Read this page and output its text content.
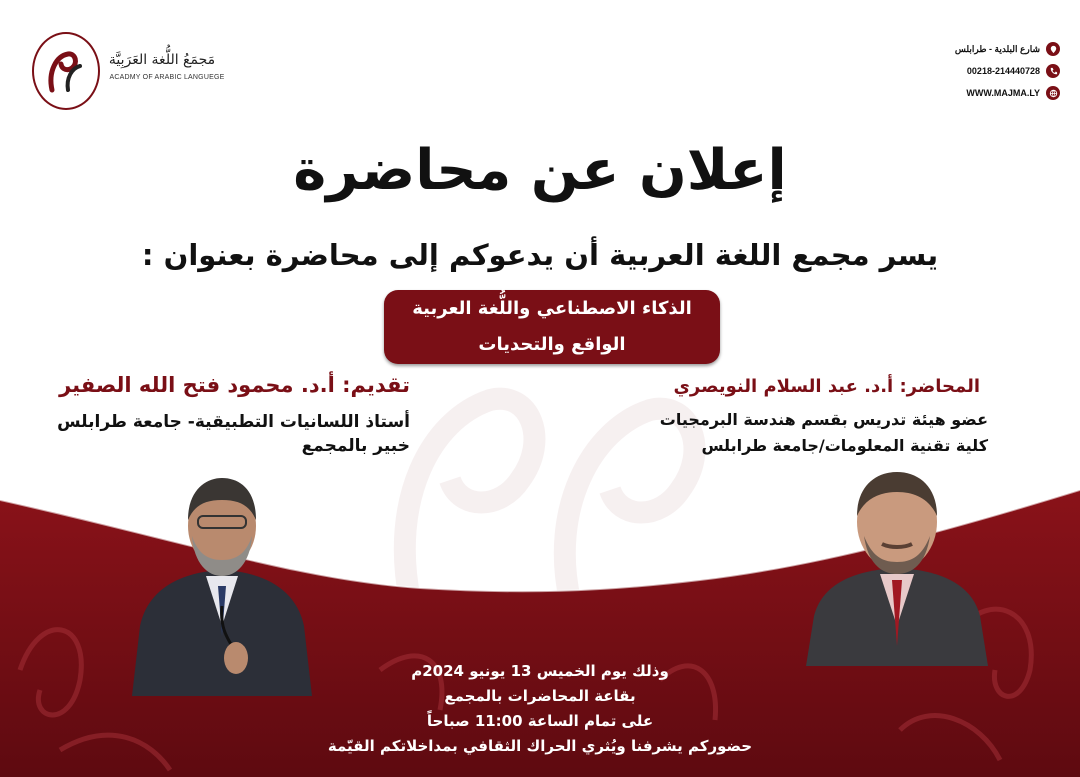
مَجمَعُ اللُّغة العَرَبِيَّة
ACADMY OF ARABIC LANGUEGE
شارع البلدية - طرابلس
00218-214440728
WWW.MAJMA.LY
إعلان عن محاضرة
يسر مجمع اللغة العربية أن يدعوكم إلى محاضرة بعنوان :
الذكاء الاصطناعي واللُّغة العربية
الواقع والتحديات
تقديم: أ.د. محمود فتح الله الصفير
أستاذ اللسانيات التطبيقية- جامعة طرابلس
خبير بالمجمع
المحاضر: أ.د. عبد السلام النويصري
عضو هيئة تدريس بقسم هندسة البرمجيات
كلية تقنية المعلومات/جامعة طرابلس
وذلك يوم الخميس 13 يونيو 2024م
بقاعة المحاضرات بالمجمع
على تمام الساعة 11:00 صباحاً
حضوركم يشرفنا ويُثري الحراك الثقافي بمداخلاتكم القيّمة
